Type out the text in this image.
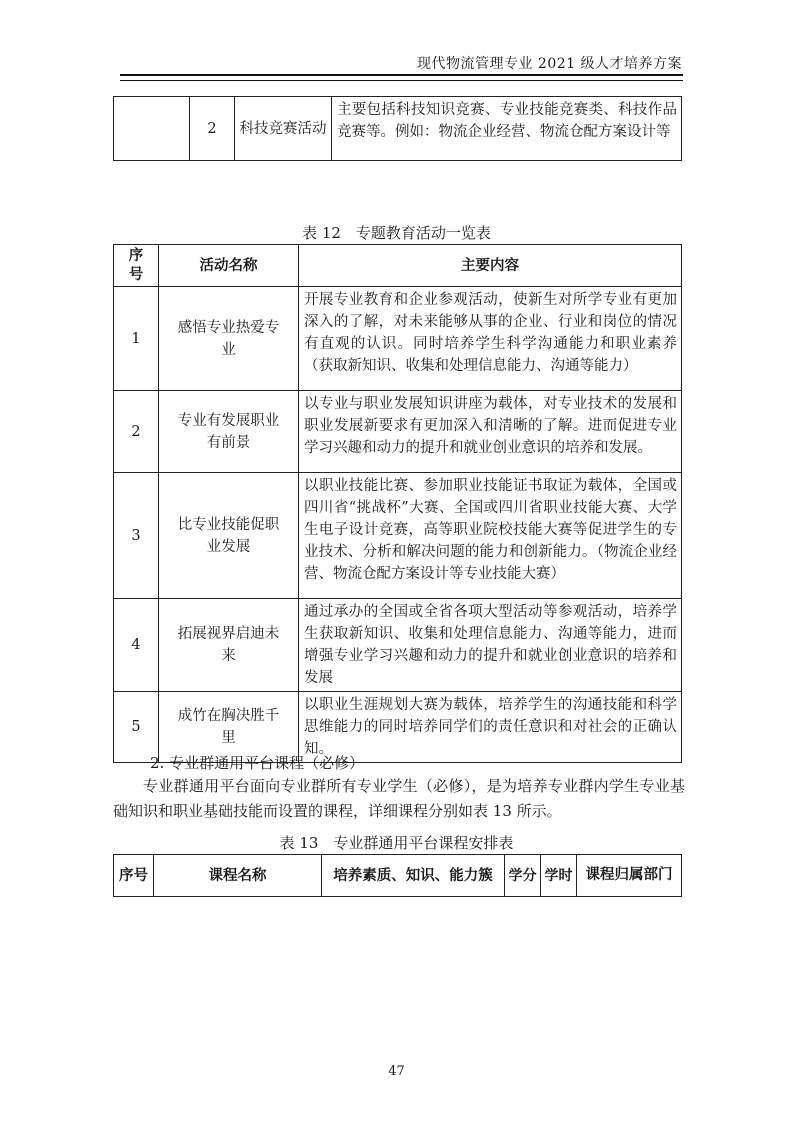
现代物流管理专业 2021 级人才培养方案
	2	科技竞赛活动	主要包括科技知识竞赛、专业技能竞赛类、科技作品竞赛等。例如：物流企业经营、物流仓配方案设计等
表 12　专题教育活动一览表
序号	活动名称	主要内容
1	感悟专业热爱专业	开展专业教育和企业参观活动，使新生对所学专业有更加深入的了解，对未来能够从事的企业、行业和岗位的情况有直观的认识。同时培养学生科学沟通能力和职业素养（获取新知识、收集和处理信息能力、沟通等能力）
2	专业有发展职业有前景	以专业与职业发展知识讲座为载体，对专业技术的发展和职业发展新要求有更加深入和清晰的了解。进而促进专业学习兴趣和动力的提升和就业创业意识的培养和发展。
3	比专业技能促职业发展	以职业技能比赛、参加职业技能证书取证为载体，全国或四川省“挑战杯”大赛、全国或四川省职业技能大赛、大学生电子设计竞赛，高等职业院校技能大赛等促进学生的专业技术、分析和解决问题的能力和创新能力。（物流企业经营、物流仓配方案设计等专业技能大赛）
4	拓展视界启迪未来	通过承办的全国或全省各项大型活动等参观活动，培养学生获取新知识、收集和处理信息能力、沟通等能力，进而增强专业学习兴趣和动力的提升和就业创业意识的培养和发展
5	成竹在胸决胜千里	以职业生涯规划大赛为载体，培养学生的沟通技能和科学思维能力的同时培养同学们的责任意识和对社会的正确认知。
2. 专业群通用平台课程（必修）
专业群通用平台面向专业群所有专业学生（必修），是为培养专业群内学生专业基础知识和职业基础技能而设置的课程，详细课程分别如表 13 所示。
表 13　专业群通用平台课程安排表
序号	课程名称	培养素质、知识、能力簇	学分	学时	课程归属部门
47
